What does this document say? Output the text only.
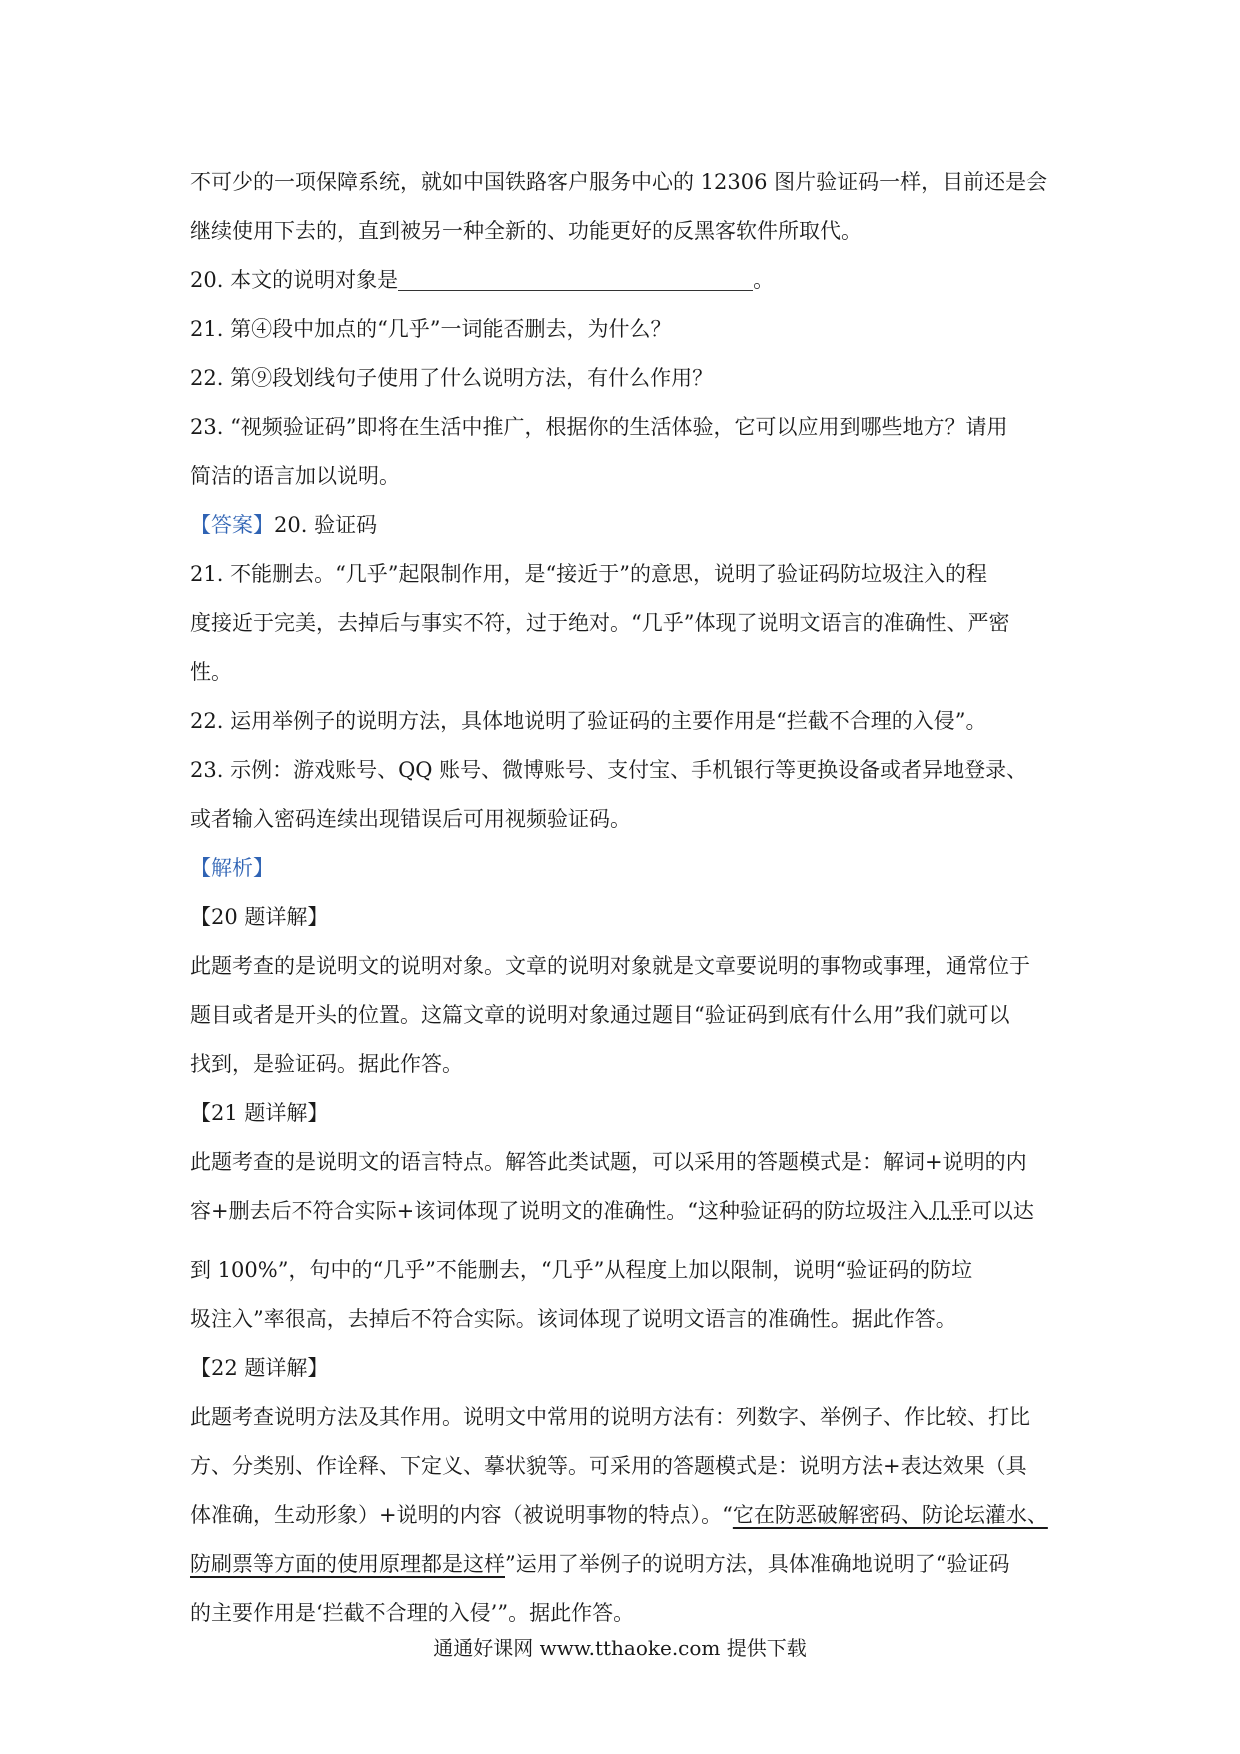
不可少的一项保障系统，就如中国铁路客户服务中心的 12306 图片验证码一样，目前还是会
继续使用下去的，直到被另一种全新的、功能更好的反黑客软件所取代。
20. 本文的说明对象是	。
21. 第④段中加点的“几乎”一词能否删去，为什么？
22. 第⑨段划线句子使用了什么说明方法，有什么作用？
23. “视频验证码”即将在生活中推广，根据你的生活体验，它可以应用到哪些地方？请用
简洁的语言加以说明。
【答案】20. 验证码
21. 不能删去。“几乎”起限制作用，是“接近于”的意思，说明了验证码防垃圾注入的程
度接近于完美，去掉后与事实不符，过于绝对。“几乎”体现了说明文语言的准确性、严密
性。
22. 运用举例子的说明方法，具体地说明了验证码的主要作用是“拦截不合理的入侵”。
23. 示例：游戏账号、QQ 账号、微博账号、支付宝、手机银行等更换设备或者异地登录、
或者输入密码连续出现错误后可用视频验证码。
【解析】
【20 题详解】
此题考查的是说明文的说明对象。文章的说明对象就是文章要说明的事物或事理，通常位于
题目或者是开头的位置。这篇文章的说明对象通过题目“验证码到底有什么用”我们就可以
找到，是验证码。据此作答。
【21 题详解】
此题考查的是说明文的语言特点。解答此类试题，可以采用的答题模式是：解词+说明的内
容+删去后不符合实际+该词体现了说明文的准确性。“这种验证码的防垃圾注入几乎可以达
到 100%”，句中的“几乎”不能删去，“几乎”从程度上加以限制，说明“验证码的防垃
圾注入”率很高，去掉后不符合实际。该词体现了说明文语言的准确性。据此作答。
【22 题详解】
此题考查说明方法及其作用。说明文中常用的说明方法有：列数字、举例子、作比较、打比
方、分类别、作诠释、下定义、摹状貌等。可采用的答题模式是：说明方法+表达效果（具
体准确，生动形象）+说明的内容（被说明事物的特点）。“它在防恶破解密码、防论坛灌水、
防刷票等方面的使用原理都是这样”运用了举例子的说明方法，具体准确地说明了“验证码
的主要作用是‘拦截不合理的入侵’”。据此作答。
通通好课网 www.tthaoke.com 提供下载
